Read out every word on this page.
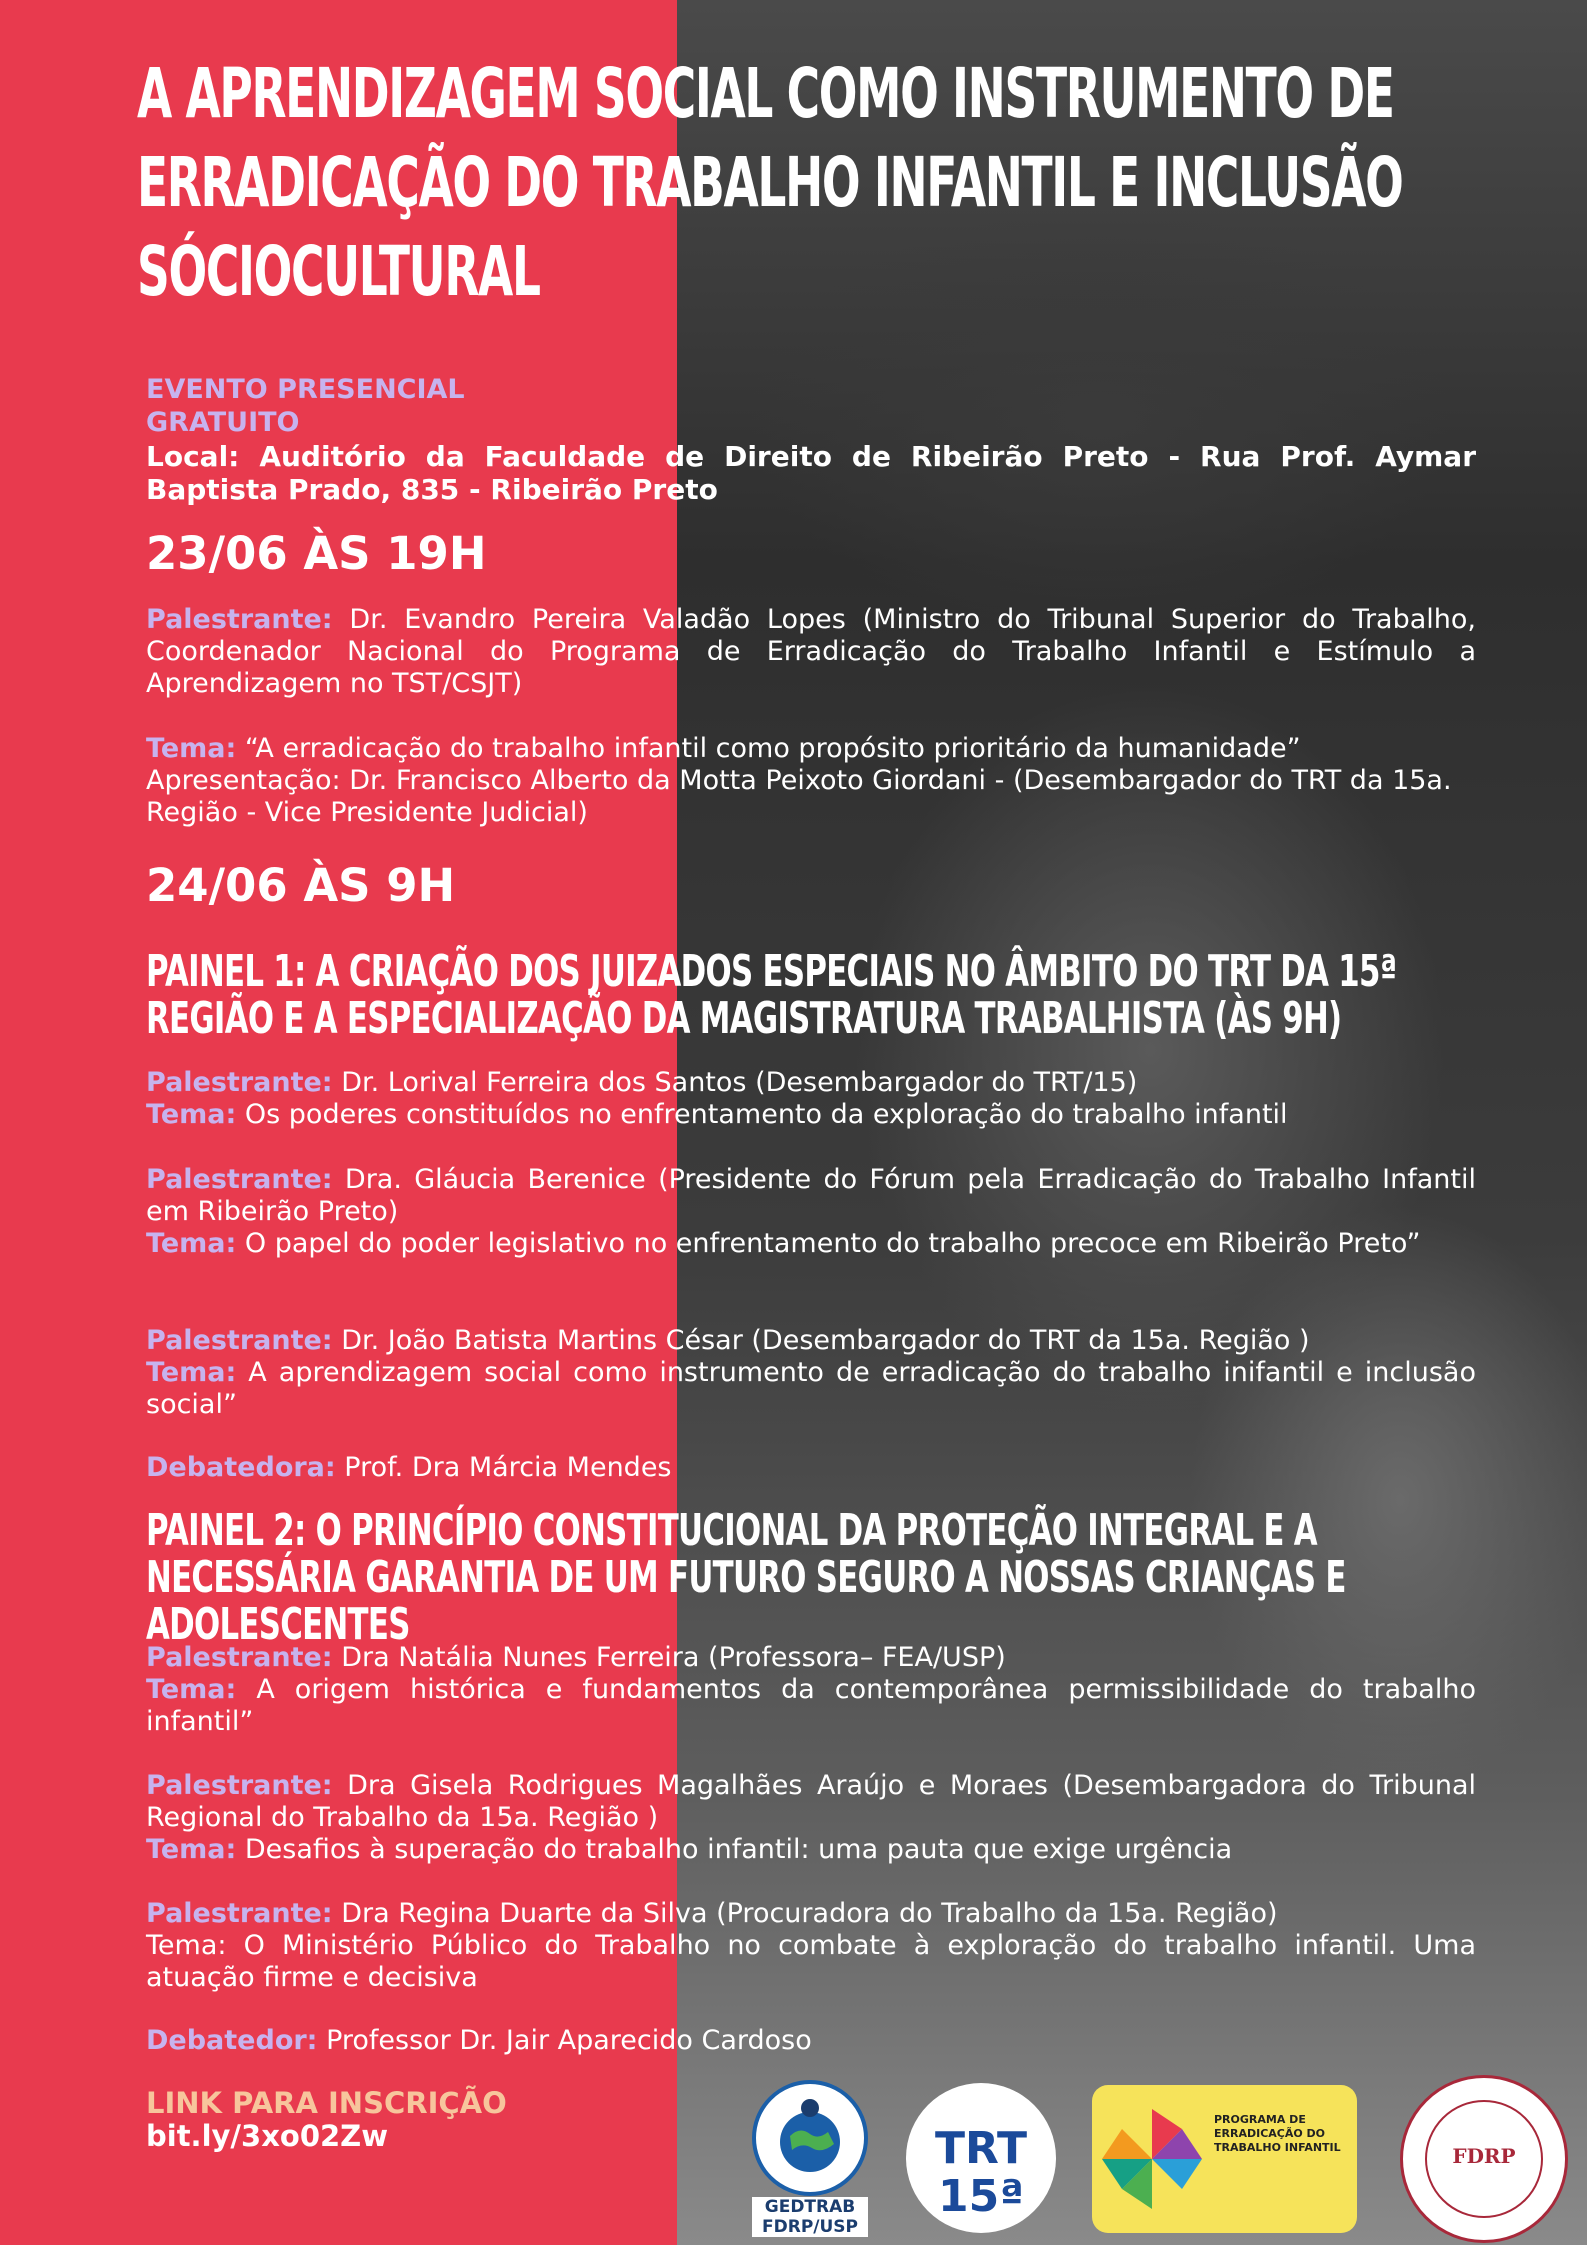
A APRENDIZAGEM SOCIAL COMO INSTRUMENTO DE ERRADICAÇÃO DO TRABALHO INFANTIL E INCLUSÃO SÓCIOCULTURAL
EVENTO PRESENCIAL
GRATUITO
Local: Auditório da Faculdade de Direito de Ribeirão Preto - Rua Prof. Aymar Baptista Prado, 835 - Ribeirão Preto
23/06 ÀS 19H

Palestrante: Dr. Evandro Pereira Valadão Lopes (Ministro do Tribunal Superior do Trabalho, Coordenador Nacional do Programa de Erradicação do Trabalho Infantil e Estímulo a Aprendizagem no TST/CSJT)

Tema: “A erradicação do trabalho infantil como propósito prioritário da humanidade”

Apresentação: Dr. Francisco Alberto da Motta Peixoto Giordani - (Desembargador do TRT da 15a. Região - Vice Presidente Judicial)

24/06 ÀS 9H
PAINEL 1: A CRIAÇÃO DOS JUIZADOS ESPECIAIS NO ÂMBITO DO TRT DA 15ª REGIÃO E A ESPECIALIZAÇÃO DA MAGISTRATURA TRABALHISTA (ÀS 9H)

Palestrante: Dr. Lorival Ferreira dos Santos (Desembargador do TRT/15)

Tema: Os poderes constituídos no enfrentamento da exploração do trabalho infantil

Palestrante: Dra. Gláucia Berenice (Presidente do Fórum pela Erradicação do Trabalho Infantil em Ribeirão Preto)

Tema: O papel do poder legislativo no enfrentamento do trabalho precoce em Ribeirão Preto”

Palestrante: Dr. João Batista Martins César (Desembargador do TRT da 15a. Região )

Tema: A aprendizagem social como instrumento de erradicação do trabalho inifantil e inclusão social”

Debatedora: Prof. Dra Márcia Mendes

PAINEL 2: O PRINCÍPIO CONSTITUCIONAL DA PROTEÇÃO INTEGRAL E A NECESSÁRIA GARANTIA DE UM FUTURO SEGURO A NOSSAS CRIANÇAS E ADOLESCENTES

Palestrante: Dra Natália Nunes Ferreira (Professora– FEA/USP)

Tema: A origem histórica e fundamentos da contemporânea permissibilidade do trabalho infantil”

Palestrante: Dra Gisela Rodrigues Magalhães Araújo e Moraes (Desembargadora do Tribunal Regional do Trabalho da 15a. Região )

Tema: Desafios à superação do trabalho infantil: uma pauta que exige urgência

Palestrante: Dra Regina Duarte da Silva (Procuradora do Trabalho da 15a. Região)

Tema: O Ministério Público do Trabalho no combate à exploração do trabalho infantil. Uma atuação firme e decisiva

Debatedor: Professor Dr. Jair Aparecido Cardoso

LINK PARA INSCRIÇÃO
bit.ly/3xo02Zw
GEDTRAB
FDRP/USP
TRT
15ª
PROGRAMA DE ERRADICAÇÃO DO TRABALHO INFANTIL	FDRP
